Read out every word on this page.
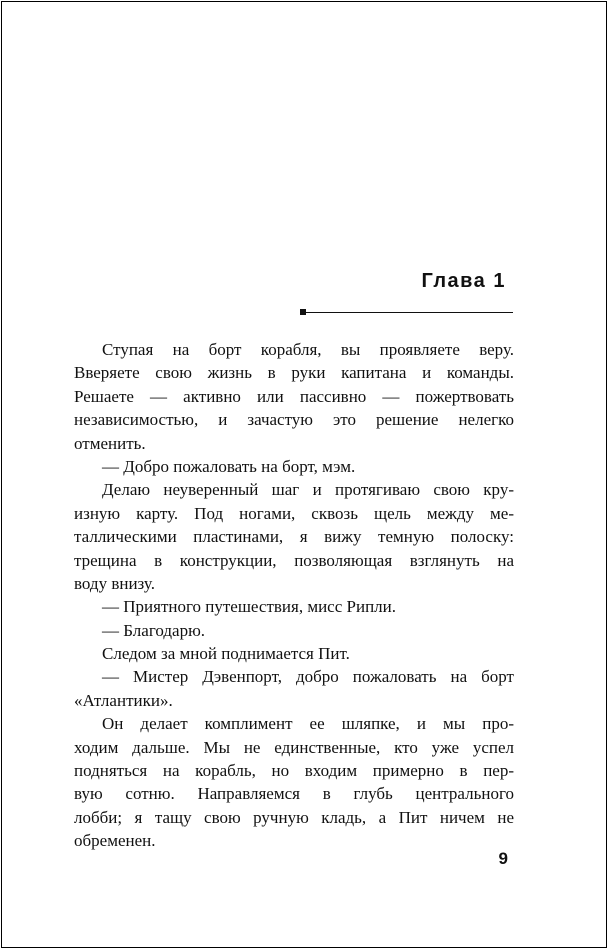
Глава 1
Ступая на борт корабля, вы проявляете веру.
Вверяете свою жизнь в руки капитана и команды.
Решаете — активно или пассивно — пожертвовать
независимостью, и зачастую это решение нелегко
отменить.
— Добро пожаловать на борт, мэм.
Делаю неуверенный шаг и протягиваю свою кру-
изную карту. Под ногами, сквозь щель между ме-
таллическими пластинами, я вижу темную полоску:
трещина в конструкции, позволяющая взглянуть на
воду внизу.
— Приятного путешествия, мисс Рипли.
— Благодарю.
Следом за мной поднимается Пит.
— Мистер Дэвенпорт, добро пожаловать на борт
«Атлантики».
Он делает комплимент ее шляпке, и мы про-
ходим дальше. Мы не единственные, кто уже успел
подняться на корабль, но входим примерно в пер-
вую сотню. Направляемся в глубь центрального
лобби; я тащу свою ручную кладь, а Пит ничем не
обременен.
9
